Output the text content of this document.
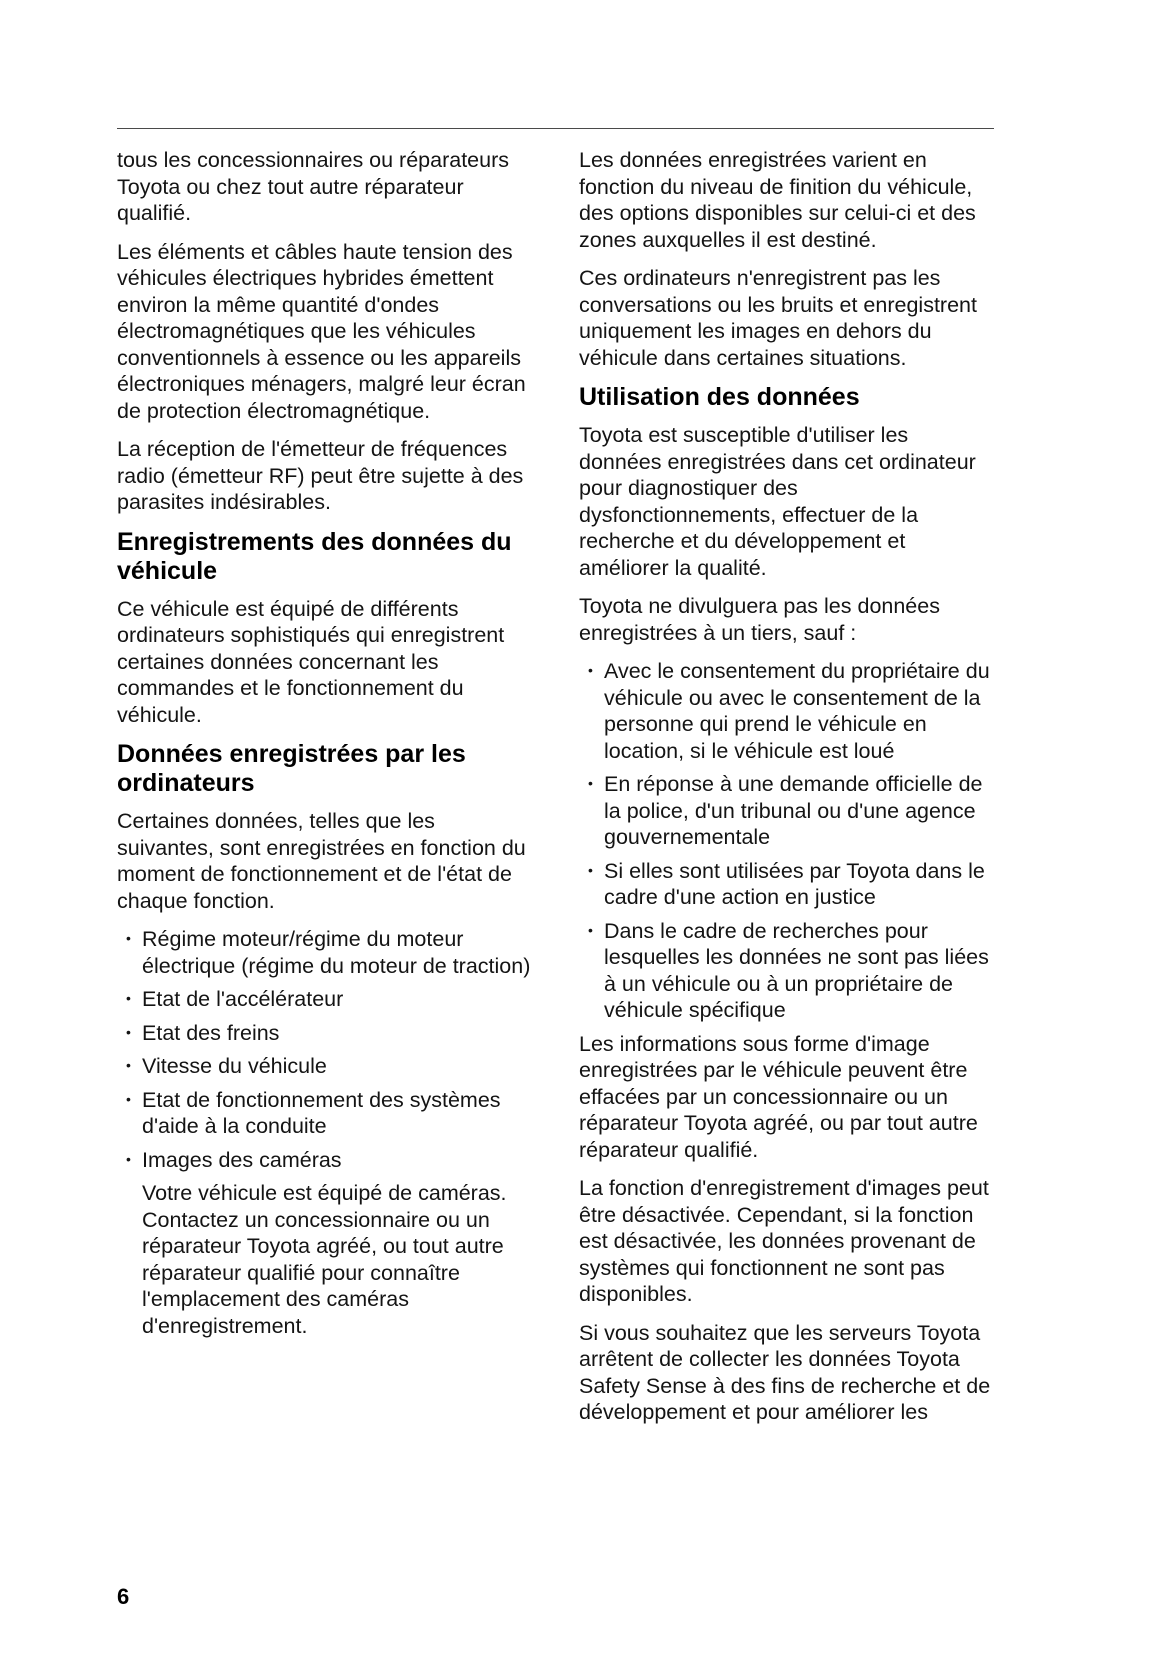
tous les concessionnaires ou réparateurs Toyota ou chez tout autre réparateur qualifié.

Les éléments et câbles haute tension des véhicules électriques hybrides émettent environ la même quantité d'ondes électromagnétiques que les véhicules conventionnels à essence ou les appareils électroniques ménagers, malgré leur écran de protection électromagnétique.

La réception de l'émetteur de fréquences radio (émetteur RF) peut être sujette à des parasites indésirables.

Enregistrements des données du véhicule

Ce véhicule est équipé de différents ordinateurs sophistiqués qui enregistrent certaines données concernant les commandes et le fonctionnement du véhicule.

Données enregistrées par les ordinateurs

Certaines données, telles que les suivantes, sont enregistrées en fonction du moment de fonctionnement et de l'état de chaque fonction.

• Régime moteur/régime du moteur électrique (régime du moteur de traction)
• Etat de l'accélérateur
• Etat des freins
• Vitesse du véhicule
• Etat de fonctionnement des systèmes d'aide à la conduite
• Images des caméras

Votre véhicule est équipé de caméras. Contactez un concessionnaire ou un réparateur Toyota agréé, ou tout autre réparateur qualifié pour connaître l'emplacement des caméras d'enregistrement.

Les données enregistrées varient en fonction du niveau de finition du véhicule, des options disponibles sur celui-ci et des zones auxquelles il est destiné.

Ces ordinateurs n'enregistrent pas les conversations ou les bruits et enregistrent uniquement les images en dehors du véhicule dans certaines situations.

Utilisation des données

Toyota est susceptible d'utiliser les données enregistrées dans cet ordinateur pour diagnostiquer des dysfonctionnements, effectuer de la recherche et du développement et améliorer la qualité.

Toyota ne divulguera pas les données enregistrées à un tiers, sauf :

• Avec le consentement du propriétaire du véhicule ou avec le consentement de la personne qui prend le véhicule en location, si le véhicule est loué
• En réponse à une demande officielle de la police, d'un tribunal ou d'une agence gouvernementale
• Si elles sont utilisées par Toyota dans le cadre d'une action en justice
• Dans le cadre de recherches pour lesquelles les données ne sont pas liées à un véhicule ou à un propriétaire de véhicule spécifique

Les informations sous forme d'image enregistrées par le véhicule peuvent être effacées par un concessionnaire ou un réparateur Toyota agréé, ou par tout autre réparateur qualifié.

La fonction d'enregistrement d'images peut être désactivée. Cependant, si la fonction est désactivée, les données provenant de systèmes qui fonctionnent ne sont pas disponibles.

Si vous souhaitez que les serveurs Toyota arrêtent de collecter les données Toyota Safety Sense à des fins de recherche et de développement et pour améliorer les

6
